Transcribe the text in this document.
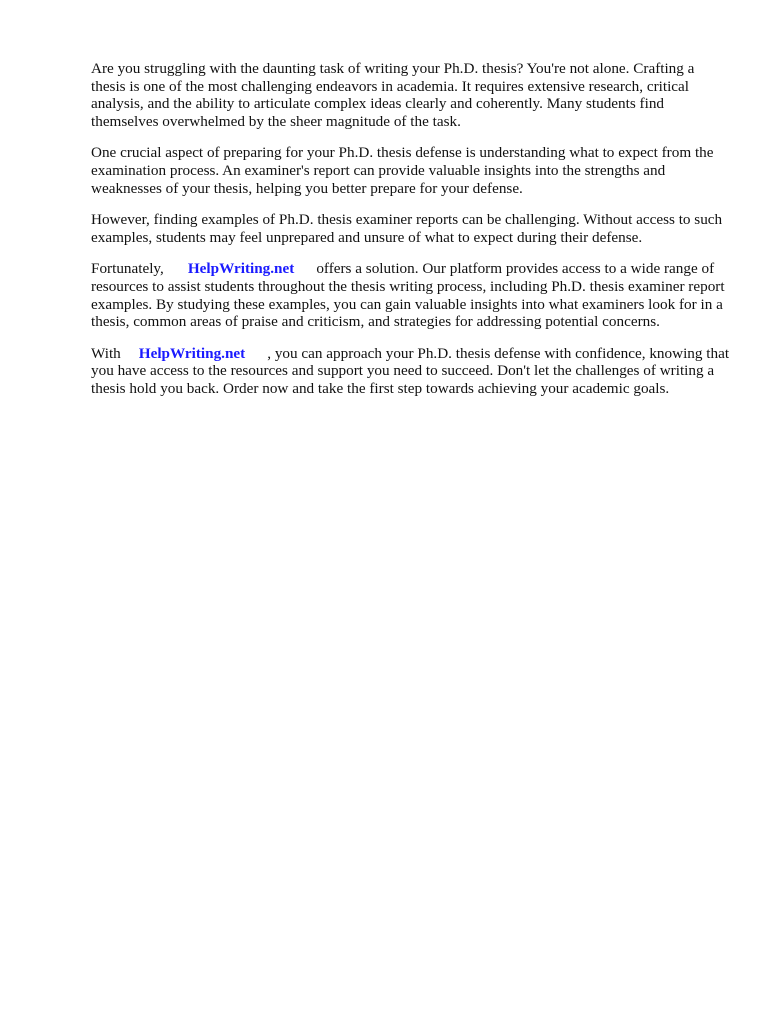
Are you struggling with the daunting task of writing your Ph.D. thesis? You're not alone. Crafting a thesis is one of the most challenging endeavors in academia. It requires extensive research, critical analysis, and the ability to articulate complex ideas clearly and coherently. Many students find themselves overwhelmed by the sheer magnitude of the task.

One crucial aspect of preparing for your Ph.D. thesis defense is understanding what to expect from the examination process. An examiner's report can provide valuable insights into the strengths and weaknesses of your thesis, helping you better prepare for your defense.

However, finding examples of Ph.D. thesis examiner reports can be challenging. Without access to such examples, students may feel unprepared and unsure of what to expect during their defense.

Fortunately, HelpWriting.net offers a solution. Our platform provides access to a wide range of resources to assist students throughout the thesis writing process, including Ph.D. thesis examiner report examples. By studying these examples, you can gain valuable insights into what examiners look for in a thesis, common areas of praise and criticism, and strategies for addressing potential concerns.

With HelpWriting.net , you can approach your Ph.D. thesis defense with confidence, knowing that you have access to the resources and support you need to succeed. Don't let the challenges of writing a thesis hold you back. Order now and take the first step towards achieving your academic goals.
